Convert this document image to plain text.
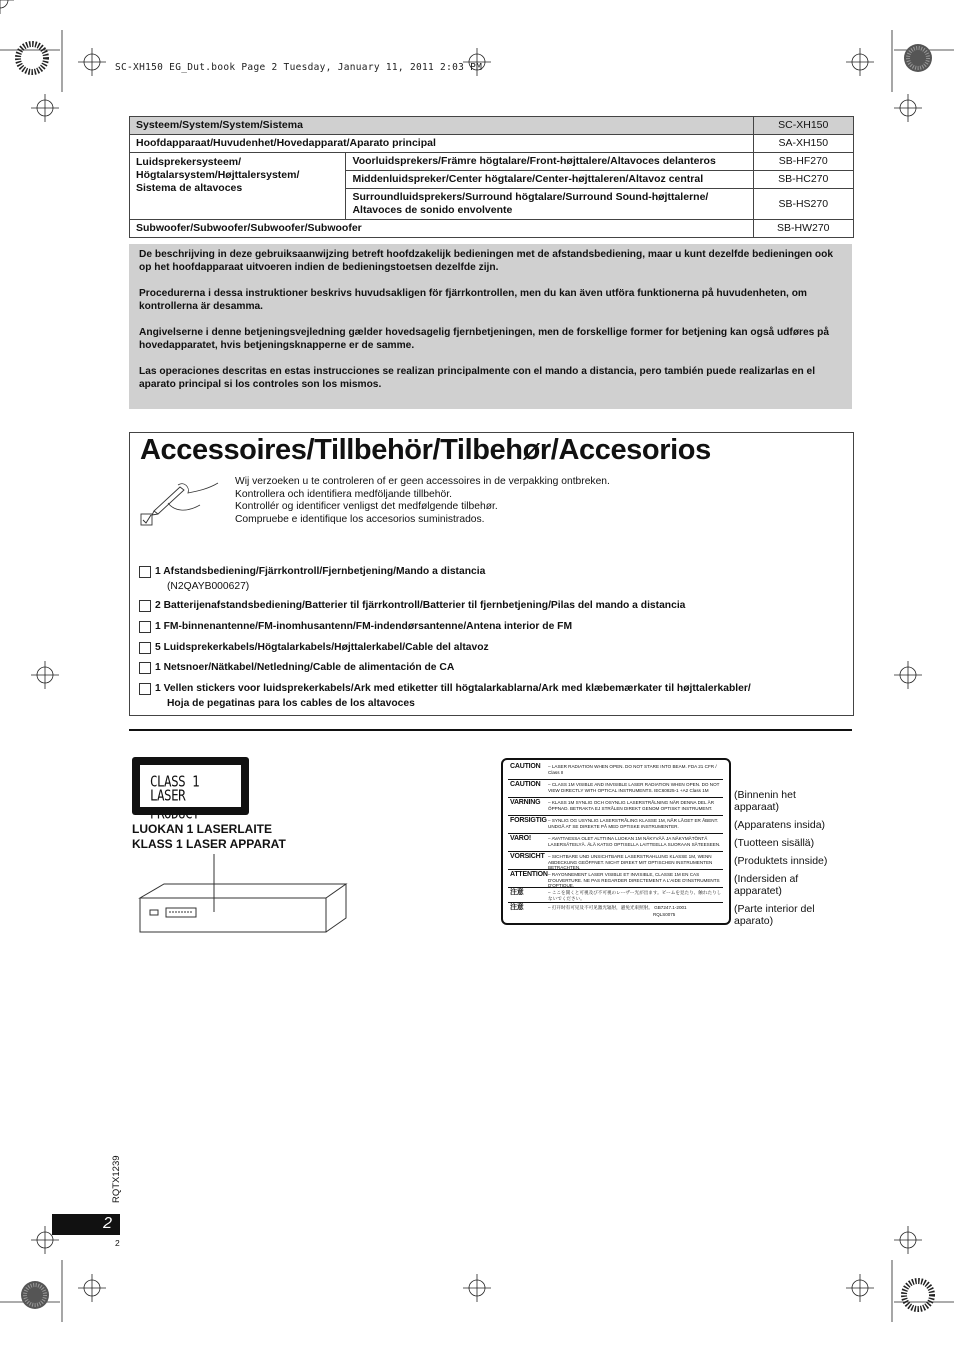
SC-XH150 EG_Dut.book Page 2 Tuesday, January 11, 2011 2:03 PM
Systeem/System/System/Sistema		SC-XH150
Hoofdapparaat/Huvudenhet/Hovedapparat/Aparato principal		SA-XH150
Luidsprekersysteem/ Högtalarsystem/Højttalersystem/ Sistema de altavoces	Voorluidsprekers/Främre högtalare/Front-højttalere/Altavoces delanteros	SB-HF270
	Middenluidspreker/Center högtalare/Center-højttaleren/Altavoz central	SB-HC270
	Surroundluidsprekers/Surround högtalare/Surround Sound-højttalerne/ Altavoces de sonido envolvente	SB-HS270
Subwoofer/Subwoofer/Subwoofer/Subwoofer		SB-HW270

De beschrijving in deze gebruiksaanwijzing betreft hoofdzakelijk bedieningen met de afstandsbediening, maar u kunt dezelfde bedieningen ook op het hoofdapparaat uitvoeren indien de bedieningstoetsen dezelfde zijn.

Procedurerna i dessa instruktioner beskrivs huvudsakligen för fjärrkontrollen, men du kan även utföra funktionerna på huvudenheten, om kontrollerna är desamma.

Angivelserne i denne betjeningsvejledning gælder hovedsagelig fjernbetjeningen, men de forskellige former for betjening kan også udføres på hovedapparatet, hvis betjeningsknapperne er de samme.

Las operaciones descritas en estas instrucciones se realizan principalmente con el mando a distancia, pero también puede realizarlas en el aparato principal si los controles son los mismos.

Accessoires/Tillbehör/Tilbehør/Accesorios
Wij verzoeken u te controleren of er geen accessoires in de verpakking ontbreken.
Kontrollera och identifiera medföljande tillbehör.
Kontrollér og identificer venligst det medfølgende tilbehør.
Compruebe e identifique los accesorios suministrados.
1 Afstandsbediening/Fjärrkontroll/Fjernbetjening/Mando a distancia
(N2QAYB000627)
2 Batterijenafstandsbediening/Batterier til fjärrkontroll/Batterier til fjernbetjening/Pilas del mando a distancia
1 FM-binnenantenne/FM-inomhusantenn/FM-indendørsantenne/Antena interior de FM
5 Luidsprekerkabels/Högtalarkabels/Højttalerkabel/Cable del altavoz
1 Netsnoer/Nätkabel/Netledning/Cable de alimentación de CA
1 Vellen stickers voor luidsprekerkabels/Ark med etiketter till högtalarkablarna/Ark med klæbemærkater til højttalerkabler/
Hoja de pegatinas para los cables de los altavoces
CLASS 1
LASER PRODUCT
LUOKAN 1 LASERLAITE
KLASS 1 LASER APPARAT
CAUTION – LASER RADIATION WHEN OPEN. DO NOT STARE INTO BEAM. FDA 21 CFR / Class II
CAUTION – CLASS 1M VISIBLE AND INVISIBLE LASER RADIATION WHEN OPEN. DO NOT VIEW DIRECTLY WITH OPTICAL INSTRUMENTS. IEC60825-1 +A2 Class 1M
VARNING – KLASS 1M SYNLIG OCH OSYNLIG LASERSTRÅLNING NÄR DENNA DEL ÄR ÖPPNAD. BETRAKTA EJ STRÅLEN DIREKT GENOM OPTISKT INSTRUMENT.
FORSIGTIG – SYNLIG OG USYNLIG LASERSTRÅLING KLASSE 1M, NÅR LÅGET ER ÅBENT. UNDGÅ AT SE DIREKTE PÅ MED OPTISKE INSTRUMENTER.
VARO!	– AVATTAESSA OLET ALTTIINA LUOKAN 1M NÄKYVÄÄ JA NÄKYMÄTÖNTÄ LASERSÄTEILYÄ. ÄLÄ KATSO OPTISELLA LAITTEELLA SUORAAN SÄTEESEEN.
VORSICHT – SICHTBARE UND UNSICHTBARE LASERSTRAHLUNG KLASSE 1M, WENN ABDECKUNG GEÖFFNET. NICHT DIREKT MIT OPTISCHEN INSTRUMENTEN BETRACHTEN.
ATTENTION – RAYONNEMENT LASER VISIBLE ET INVISIBLE, CLASSE 1M EN CAS D'OUVERTURE. NE PAS REGARDER DIRECTEMENT A L'AIDE D'INSTRUMENTS D'OPTIQUE.
注意	– ここを開くと可視及び不可視のレーザー光が出ます。ビームを見たり、触れたりしないでください。
注意	– 打开时有可见及不可见激光辐射，避免光束照射。 GB7247.1-2001
RQLS0075
(Binnenin het apparaat)
(Apparatens insida)
(Tuotteen sisällä)
(Produktets innside)
(Indersiden af apparatet)
(Parte interior del aparato)
RQTX1239
2
2
